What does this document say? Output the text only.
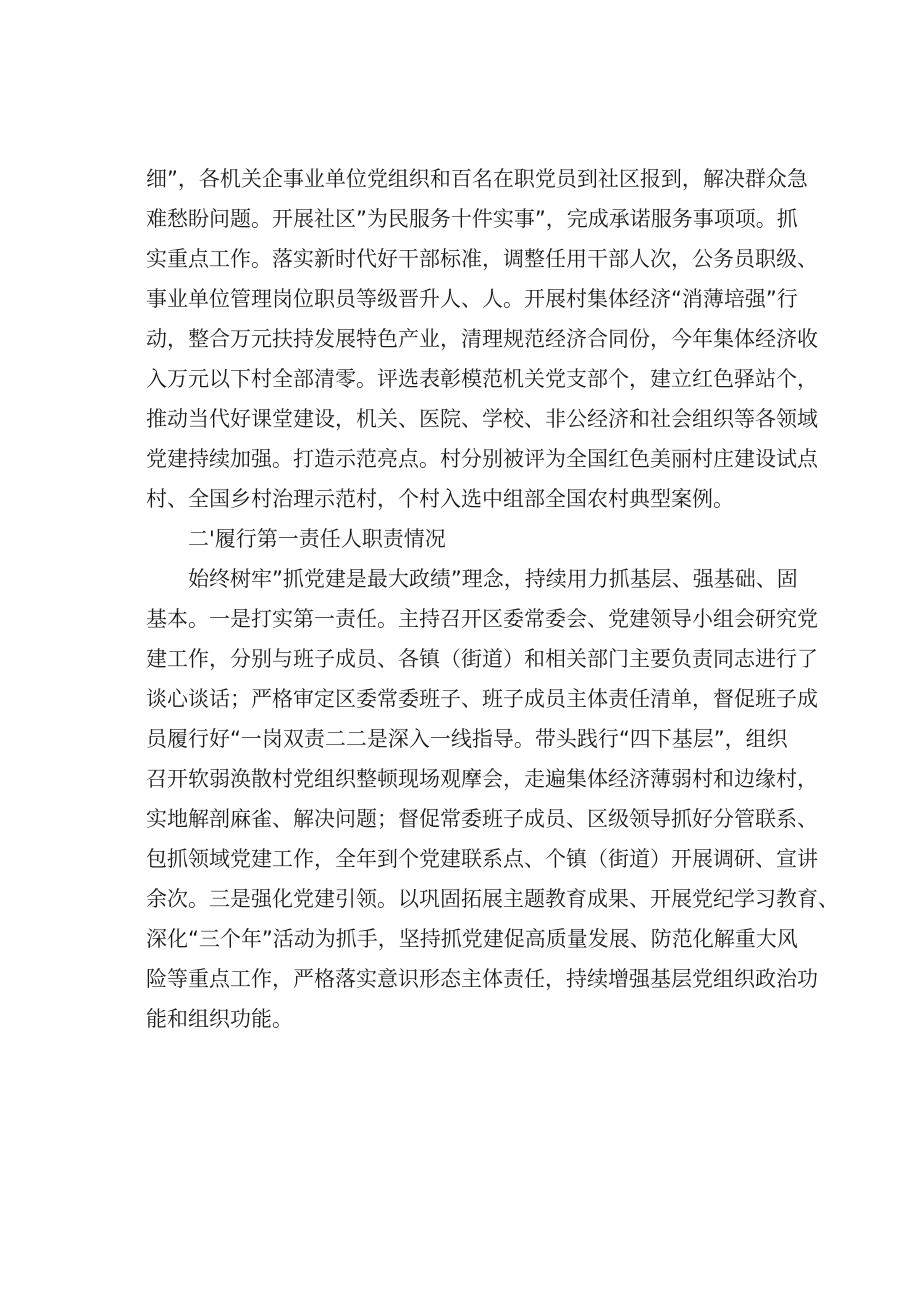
细”，各机关企事业单位党组织和百名在职党员到社区报到，解决群众急
难愁盼问题。开展社区”为民服务十件实事”，完成承诺服务事项项。抓
实重点工作。落实新时代好干部标准，调整任用干部人次，公务员职级、
事业单位管理岗位职员等级晋升人、人。开展村集体经济“消薄培强”行
动，整合万元扶持发展特色产业，清理规范经济合同份，今年集体经济收
入万元以下村全部清零。评选表彰模范机关党支部个，建立红色驿站个，
推动当代好课堂建设，机关、医院、学校、非公经济和社会组织等各领域
党建持续加强。打造示范亮点。村分别被评为全国红色美丽村庄建设试点
村、全国乡村治理示范村，个村入选中组部全国农村典型案例。
二'履行第一责任人职责情况
始终树牢”抓党建是最大政绩”理念，持续用力抓基层、强基础、固
基本。一是打实第一责任。主持召开区委常委会、党建领导小组会研究党
建工作，分别与班子成员、各镇（街道）和相关部门主要负责同志进行了
谈心谈话；严格审定区委常委班子、班子成员主体责任清单，督促班子成
员履行好“一岗双责二二是深入一线指导。带头践行“四下基层”，组织
召开软弱涣散村党组织整顿现场观摩会，走遍集体经济薄弱村和边缘村，
实地解剖麻雀、解决问题；督促常委班子成员、区级领导抓好分管联系、
包抓领域党建工作，全年到个党建联系点、个镇（街道）开展调研、宣讲
余次。三是强化党建引领。以巩固拓展主题教育成果、开展党纪学习教育、
深化“三个年”活动为抓手，坚持抓党建促高质量发展、防范化解重大风
险等重点工作，严格落实意识形态主体责任，持续增强基层党组织政治功
能和组织功能。
